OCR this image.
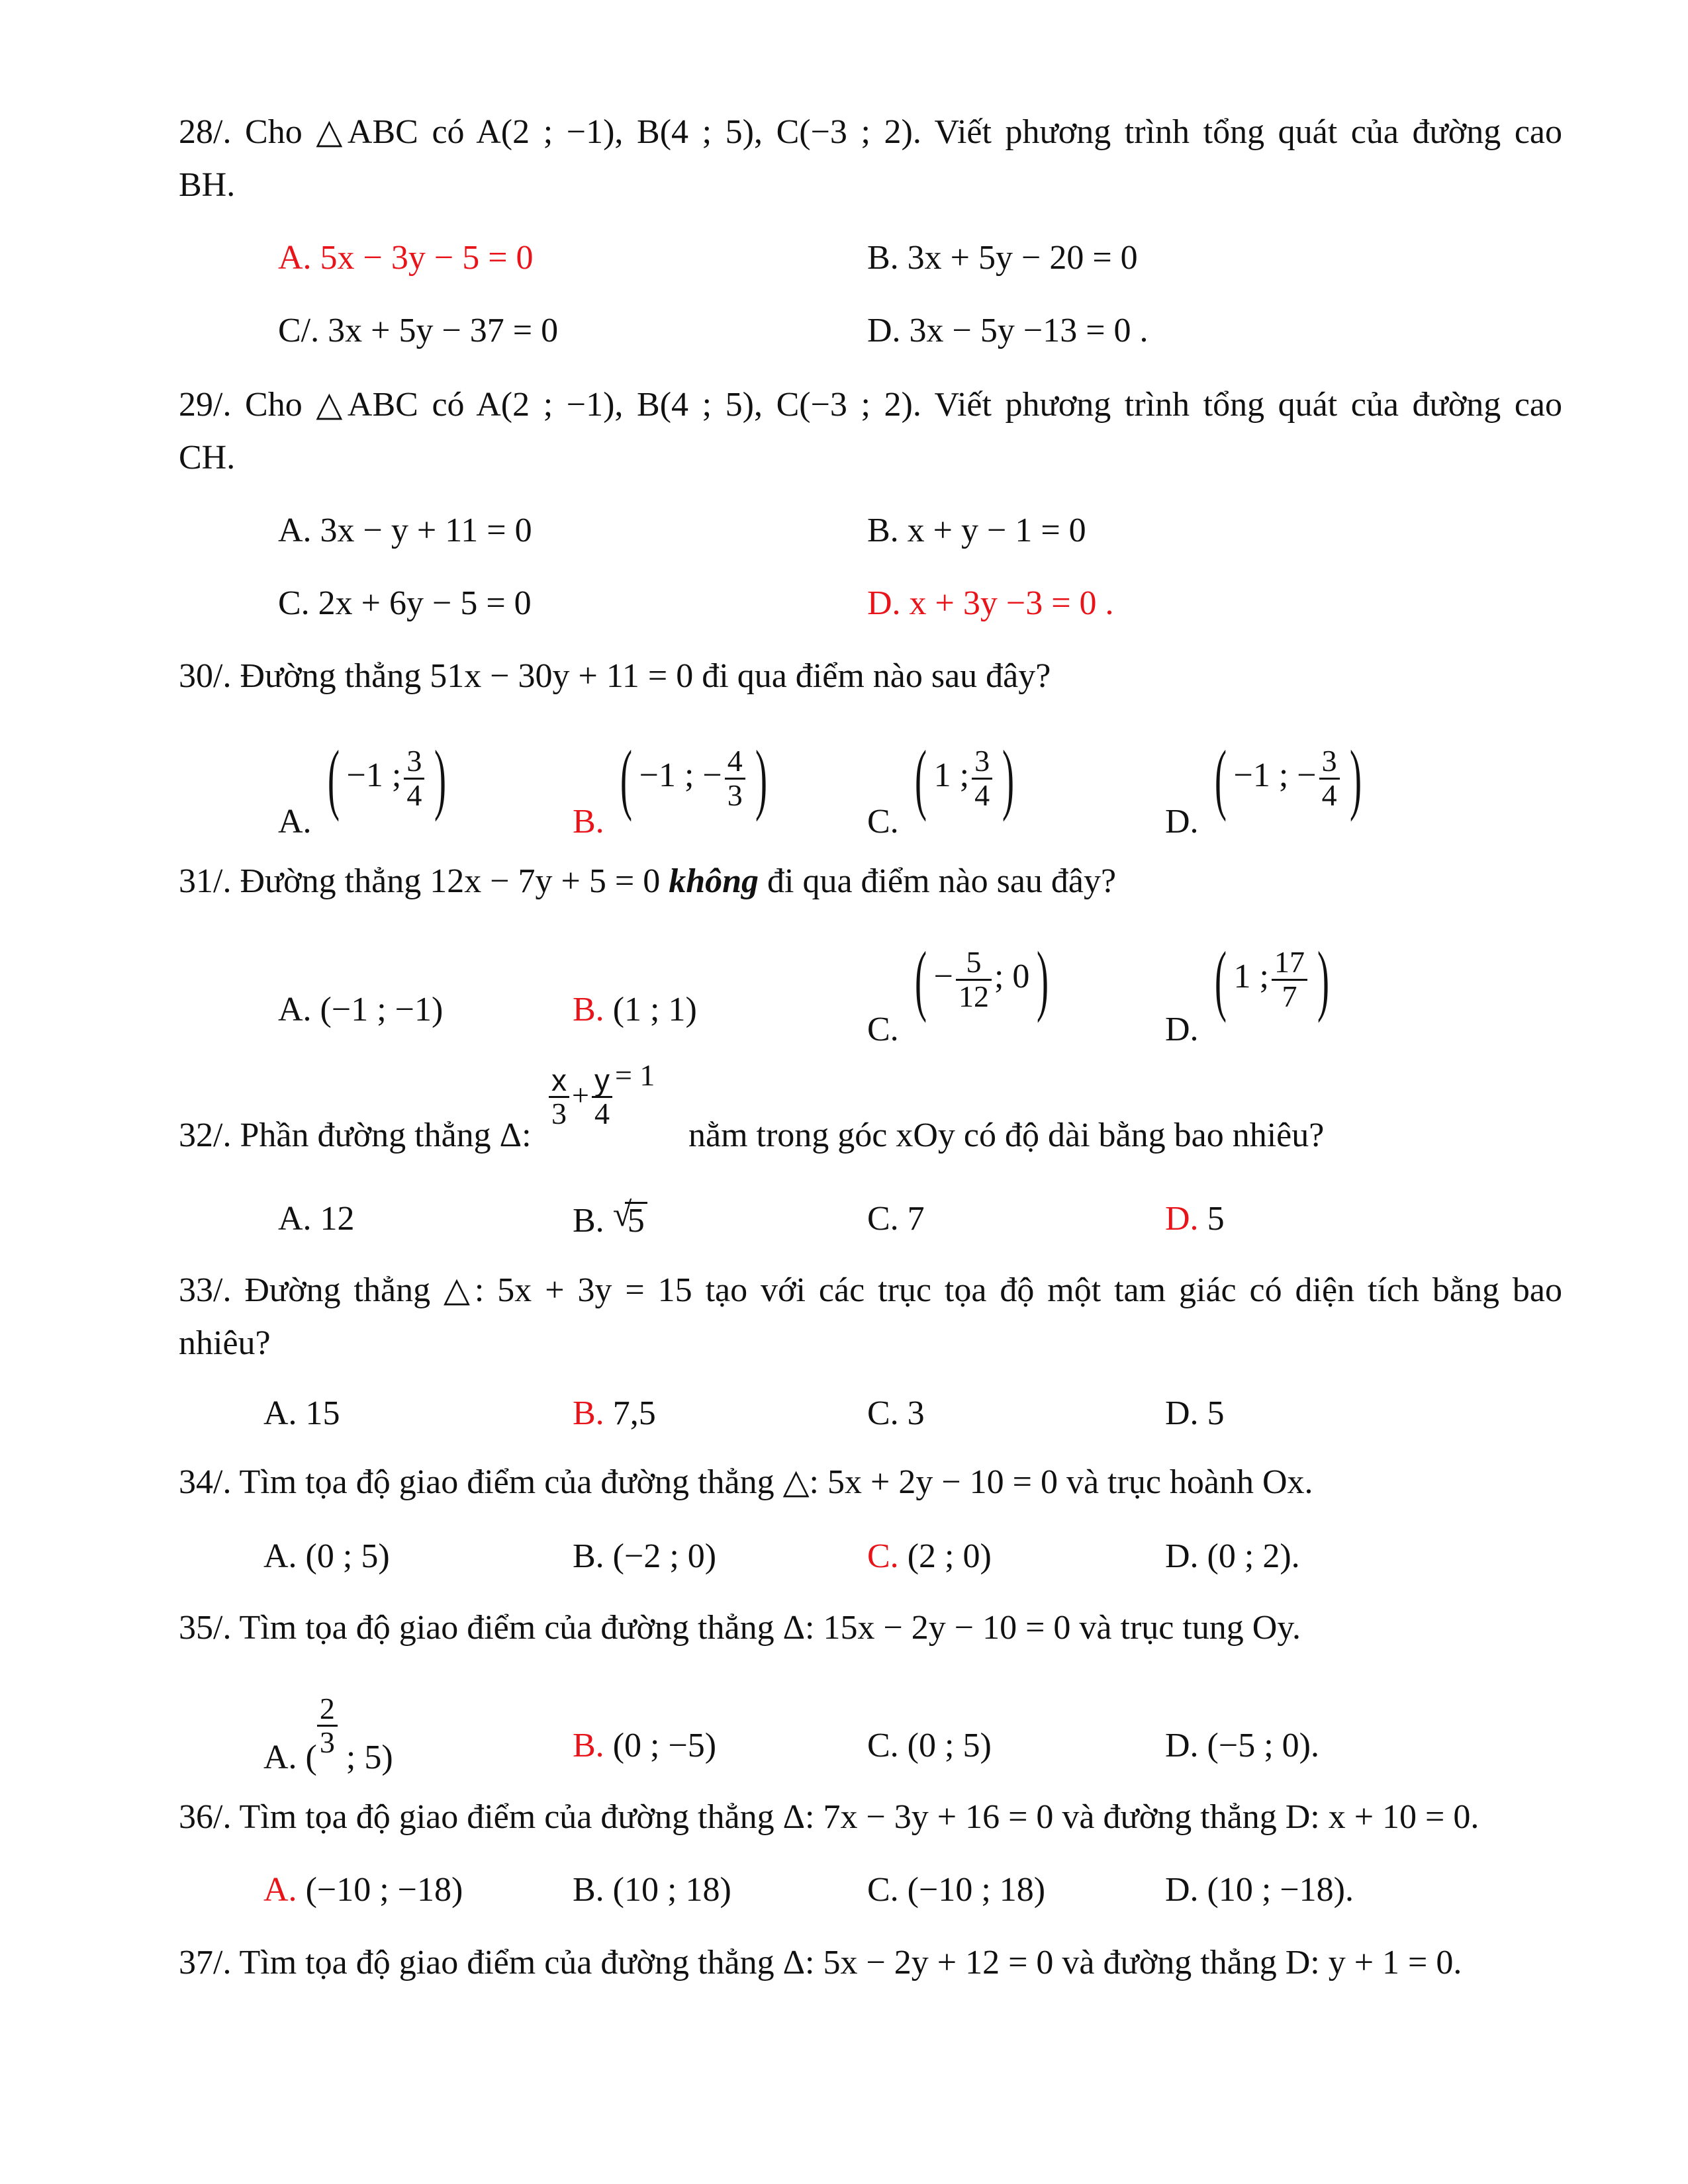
28/. Cho △ABC có A(2 ; −1), B(4 ; 5), C(−3 ; 2). Viết phương trình tổng quát của đường cao
BH.
A. 5x − 3y − 5 = 0	B. 3x + 5y − 20 = 0
C/. 3x + 5y − 37 = 0	D. 3x − 5y −13 = 0 .
29/. Cho △ABC có A(2 ; −1), B(4 ; 5), C(−3 ; 2). Viết phương trình tổng quát của đường cao
CH.
A. 3x − y + 11 = 0	B. x + y − 1 = 0
C. 2x + 6y − 5 = 0	D. x + 3y −3 = 0 .
30/. Đường thẳng 51x − 30y + 11 = 0 đi qua điểm nào sau đây?
A. ( −1 ; $\frac{3}{4}$ )	B. ( −1 ; − $\frac{4}{3}$ )	C. ( 1 ; $\frac{3}{4}$ )	D. ( −1 ; − $\frac{3}{4}$ )
31/. Đường thẳng 12x − 7y + 5 = 0 không đi qua điểm nào sau đây?
A. (−1 ; −1)	B. (1 ; 1)
C. ( − $\frac{5}{12}$ ; 0)
D. ( 1 ; $\frac{17}{7}$ )
32/. Phần đường thẳng Δ:
$\frac{x}{3} + \frac{y}{4} = 1$
nằm trong góc xOy có độ dài bằng bao nhiêu?
A. 12	B. √
5	C. 7	D. 5
33/. Đường thẳng △: 5x + 3y = 15 tạo với các trục tọa độ một tam giác có diện tích bằng bao
nhiêu?
A. 15	B. 7,5	C. 3	D. 5
34/. Tìm tọa độ giao điểm của đường thẳng △: 5x + 2y − 10 = 0 và trục hoành Ox.
A. (0 ; 5)	B. (−2 ; 0)	C. (2 ; 0)	D. (0 ; 2).
35/. Tìm tọa độ giao điểm của đường thẳng Δ: 15x − 2y − 10 = 0 và trục tung Oy.
A. ( $\frac{2}{3}$ ; 5)	B. (0 ; −5)	C. (0 ; 5)	D. (−5 ; 0).
36/. Tìm tọa độ giao điểm của đường thẳng Δ: 7x − 3y + 16 = 0 và đường thẳng D: x + 10 = 0.
A. (−10 ; −18)	B. (10 ; 18)	C. (−10 ; 18)	D. (10 ; −18).
37/. Tìm tọa độ giao điểm của đường thẳng Δ: 5x − 2y + 12 = 0 và đường thẳng D: y + 1 = 0.
